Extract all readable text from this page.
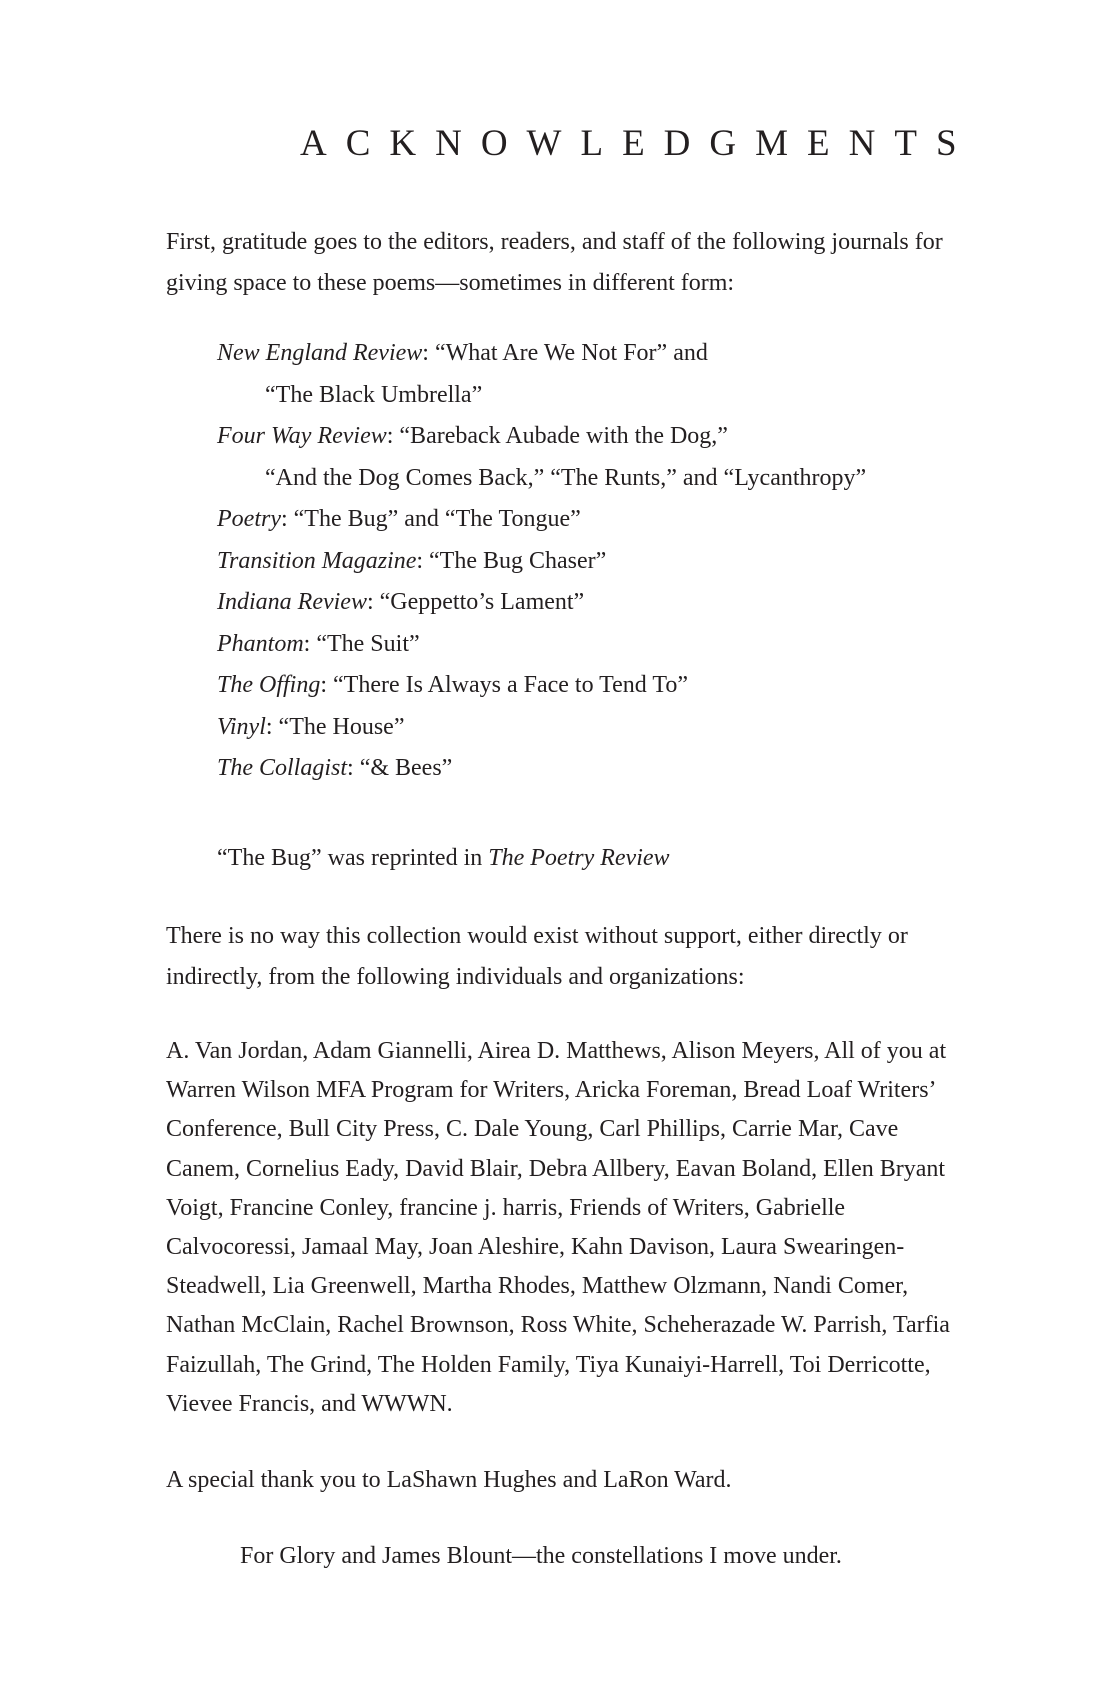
ACKNOWLEDGMENTS

First, gratitude goes to the editors, readers, and staff of the following journals for giving space to these poems—sometimes in different form:

New England Review: “What Are We Not For” and
“The Black Umbrella”
Four Way Review: “Bareback Aubade with the Dog,”
“And the Dog Comes Back,” “The Runts,” and “Lycanthropy”
Poetry: “The Bug” and “The Tongue”
Transition Magazine: “The Bug Chaser”
Indiana Review: “Geppetto’s Lament”
Phantom: “The Suit”
The Offing: “There Is Always a Face to Tend To”
Vinyl: “The House”
The Collagist: “& Bees”

“The Bug” was reprinted in The Poetry Review

There is no way this collection would exist without support, either directly or indirectly, from the following individuals and organizations:

A. Van Jordan, Adam Giannelli, Airea D. Matthews, Alison Meyers, All of you at Warren Wilson MFA Program for Writers, Aricka Foreman, Bread Loaf Writers’ Conference, Bull City Press, C. Dale Young, Carl Phillips, Carrie Mar, Cave Canem, Cornelius Eady, David Blair, Debra Allbery, Eavan Boland, Ellen Bryant Voigt, Francine Conley, francine j. harris, Friends of Writers, Gabrielle Calvocoressi, Jamaal May, Joan Aleshire, Kahn Davison, Laura Swearingen-Steadwell, Lia Greenwell, Martha Rhodes, Matthew Olzmann, Nandi Comer, Nathan McClain, Rachel Brownson, Ross White, Scheherazade W. Parrish, Tarfia Faizullah, The Grind, The Holden Family, Tiya Kunaiyi-Harrell, Toi Derricotte, Vievee Francis, and WWWN.

A special thank you to LaShawn Hughes and LaRon Ward.

For Glory and James Blount—the constellations I move under.
